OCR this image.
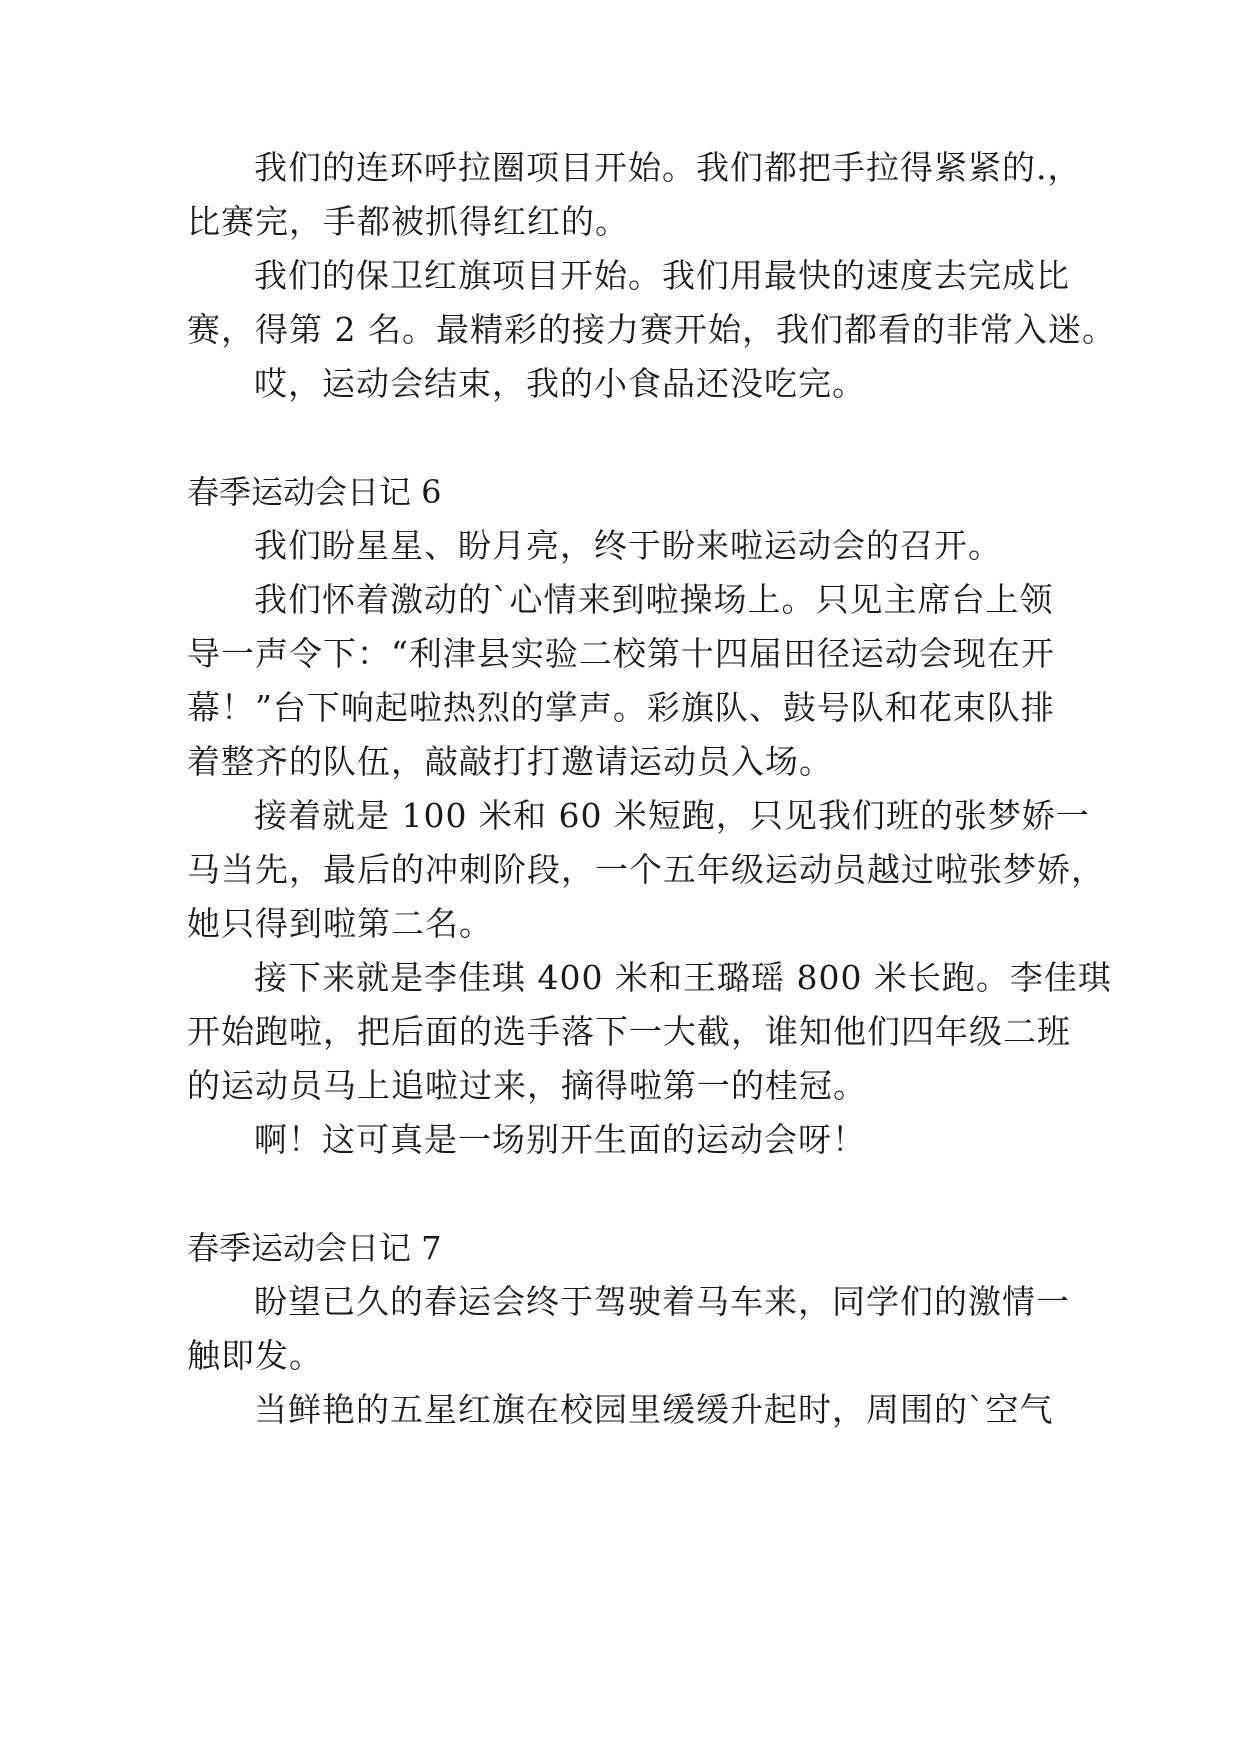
我们的连环呼拉圈项目开始。我们都把手拉得紧紧的.，
比赛完，手都被抓得红红的。
我们的保卫红旗项目开始。我们用最快的速度去完成比
赛，得第 2 名。最精彩的接力赛开始，我们都看的非常入迷。
哎，运动会结束，我的小食品还没吃完。
春季运动会日记 6
我们盼星星、盼月亮，终于盼来啦运动会的召开。
我们怀着激动的`心情来到啦操场上。只见主席台上领
导一声令下：“利津县实验二校第十四届田径运动会现在开
幕！”台下响起啦热烈的掌声。彩旗队、鼓号队和花束队排
着整齐的队伍，敲敲打打邀请运动员入场。
接着就是 100 米和 60 米短跑，只见我们班的张梦娇一
马当先，最后的冲刺阶段，一个五年级运动员越过啦张梦娇，
她只得到啦第二名。
接下来就是李佳琪 400 米和王璐瑶 800 米长跑。李佳琪
开始跑啦，把后面的选手落下一大截，谁知他们四年级二班
的运动员马上追啦过来，摘得啦第一的桂冠。
啊！这可真是一场别开生面的运动会呀！
春季运动会日记 7
盼望已久的春运会终于驾驶着马车来，同学们的激情一
触即发。
当鲜艳的五星红旗在校园里缓缓升起时，周围的`空气
